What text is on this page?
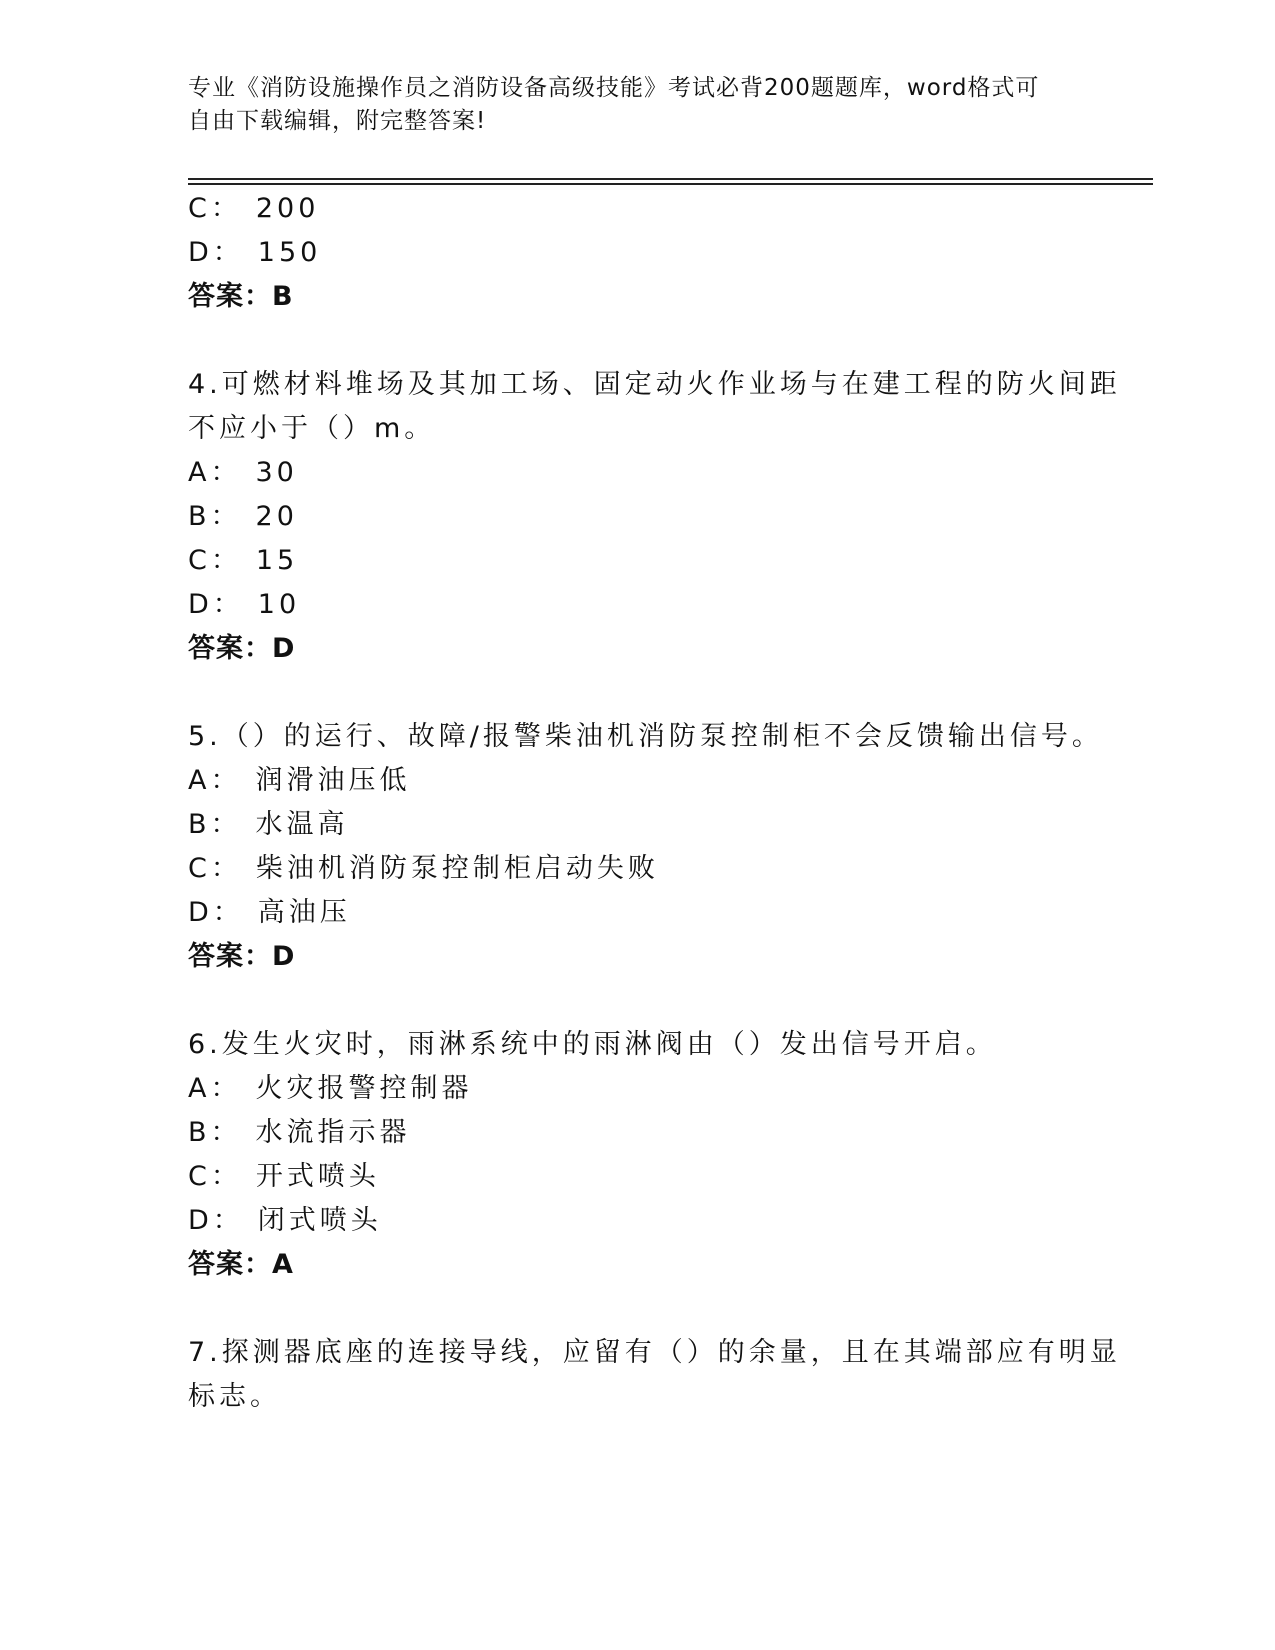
专业《消防设施操作员之消防设备高级技能》考试必背200题题库，word格式可
自由下载编辑，附完整答案!
C： 200
D： 150
答案：B
4.可燃材料堆场及其加工场、固定动火作业场与在建工程的防火间距
不应小于（）m。
A： 30
B： 20
C： 15
D： 10
答案：D
5.（）的运行、故障/报警柴油机消防泵控制柜不会反馈输出信号。
A： 润滑油压低
B： 水温高
C： 柴油机消防泵控制柜启动失败
D： 高油压
答案：D
6.发生火灾时，雨淋系统中的雨淋阀由（）发出信号开启。
A： 火灾报警控制器
B： 水流指示器
C： 开式喷头
D： 闭式喷头
答案：A
7.探测器底座的连接导线，应留有（）的余量，且在其端部应有明显
标志。
